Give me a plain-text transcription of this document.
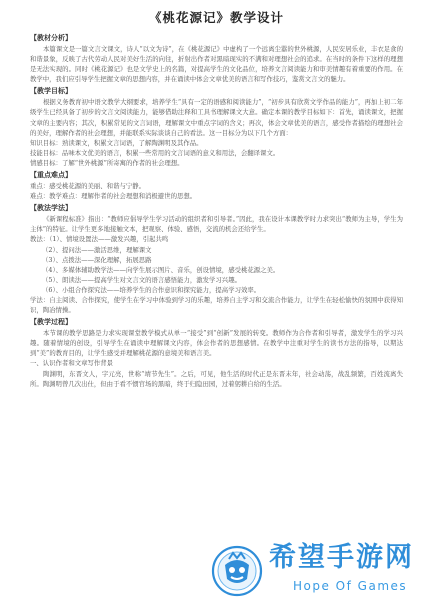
《桃花源记》教学设计
【教材分析】

本篇课文是一篇文言文课文，诗人“以文为诗”，在《桃花源记》中虚构了一个远离尘嚣的世外桃源，人民安居乐业，丰衣足食的和谐景象，反映了古代劳动人民对美好生活的向往，折射出作者对黑暗现实的不满和对理想社会的追求。在当时的条件下这样的理想是无法实现的。同时《桃花源记》也是文学史上的名篇，对提高学生的文化品位，培养文言阅读能力和审美情趣有着重要的作用。在教学中，我们应引导学生把握文章的思想内容，并在诵读中体会文章优美的语言和写作技巧，鉴赏文言文的魅力。

【教学目标】

根据义务教育初中语文教学大纲要求，培养学生“具有一定的语感和阅读能力”，“初步具有欣赏文学作品的能力”，再加上初二年级学生已经具备了初步的文言文阅读能力，能够借助注释和工具书理解课文大意。确定本课的教学目标如下：首先，诵读课文，把握文章的主要内容；其次，积累常见的文言词语，理解课文中重点字词的含义；再次，体会文章优美的语言，感受作者描绘的理想社会的美好，理解作者的社会理想，并能联系实际谈谈自己的看法。这一目标分为以下几个方面：

知识目标：熟读课文，积累文言词语，了解陶渊明及其作品。

技能目标：品味本文优美的语言，积累一些常用的文言词语的意义和用法，会翻译课文。

情感目标：了解“世外桃源”所寄寓的作者的社会理想。

【重点难点】

重点：感受桃花源的美丽、和谐与宁静。

难点：教学难点：理解作者的社会理想和消极避世的思想。

【教法学法】

《新课程标准》指出：“教师应倡导学生学习活动的组织者和引导者。”因此，我在设计本课教学时力求突出“教师为主导，学生为主体”的特征。让学生更多地接触文本，把观察、体验、感悟，交流的机会还给学生。

教法：（1）、情境设置法——激发兴趣，引起共鸣

（2）、提问法——激活思维，理解课文

（3）、点拨法——深化理解，拓展思路

（4）、多媒体辅助教学法——向学生展示图片、音乐，创设情境，感受桃花源之美。

（5）、朗读法——提高学生对文言文的语言感悟能力，激发学习兴趣。

（6）、小组合作探究法——培养学生的合作意识和探究能力，提高学习效率。

学法：自主阅读、合作探究，使学生在学习中体验到学习的乐趣，培养自主学习和交流合作能力，让学生在轻松愉快的氛围中获得知识，陶冶情操。

【教学过程】

本节课的教学思路是力求实现课堂教学模式从单一“接受”到“创新”发展的转变。教师作为合作者和引导者，激发学生的学习兴趣。随着情境的创设，引导学生在诵读中理解课文内容，体会作者的思想感情。在教学中注重对学生的读书方法的指导，以期达到“美”的教育目的，让学生感受并理解桃花源的意境美和语言美。

一、认识作者和文章写作背景

陶渊明，东晋文人，字元亮，世称“靖节先生”。之后，可见，他生活的时代正是东晋末年，社会动荡，战乱频繁，百姓流离失所。陶渊明曾几次出仕，但由于看不惯官场的黑暗，终于归隐田园，过着躬耕自给的生活。

希望手游网
Hope Of Games
